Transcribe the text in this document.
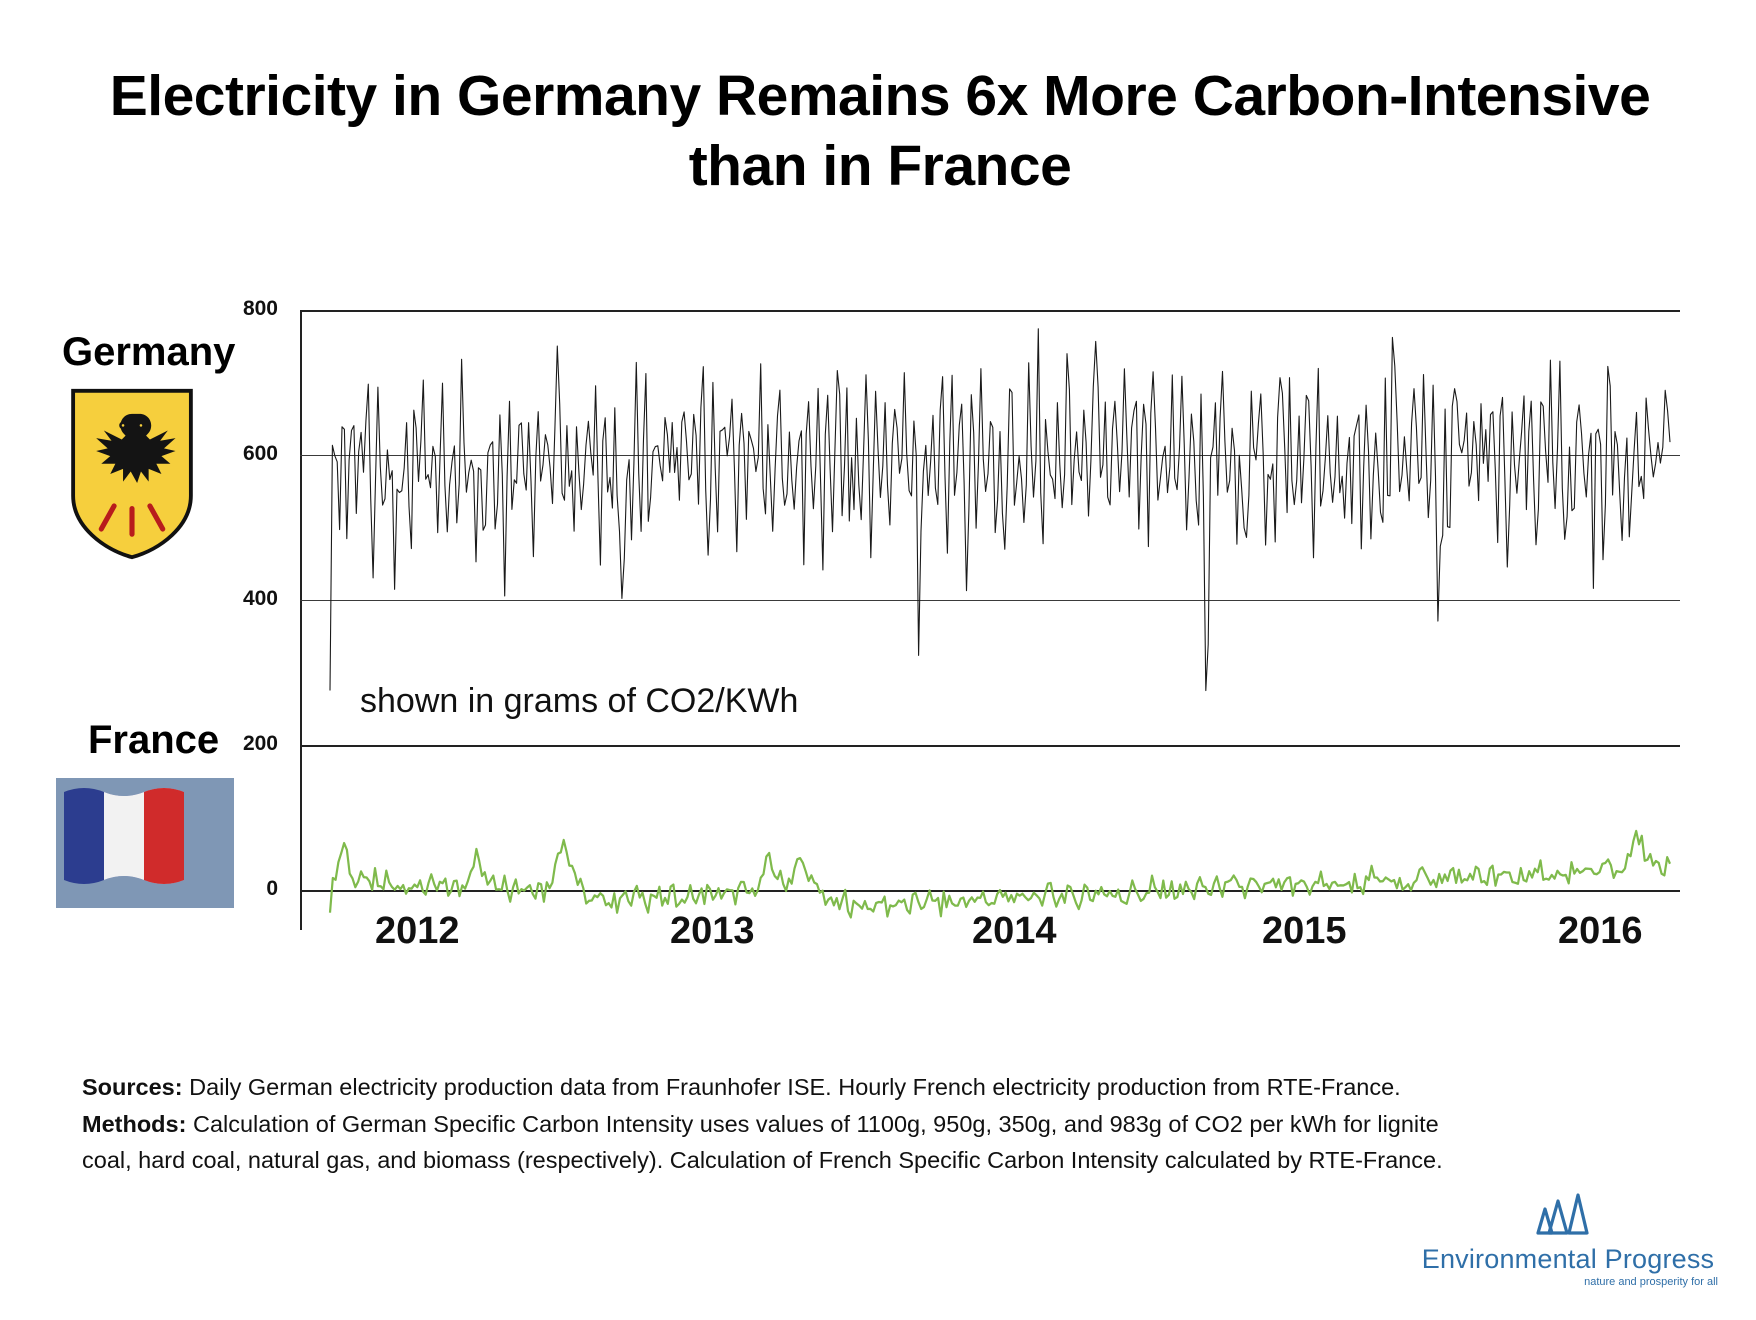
Electricity in Germany Remains 6x More Carbon-Intensive than in France
Germany
France
800
600
400
200
0
2012	2013	2014	2015	2016
shown in grams of CO2/KWh

Sources: Daily German electricity production data from Fraunhofer ISE. Hourly French electricity production from RTE-France.

Methods: Calculation of German Specific Carbon Intensity uses values of 1100g, 950g, 350g, and 983g of CO2 per kWh for lignite coal, hard coal, natural gas, and biomass (respectively). Calculation of French Specific Carbon Intensity calculated by RTE-France.

Environmental Progress
nature and prosperity for all
